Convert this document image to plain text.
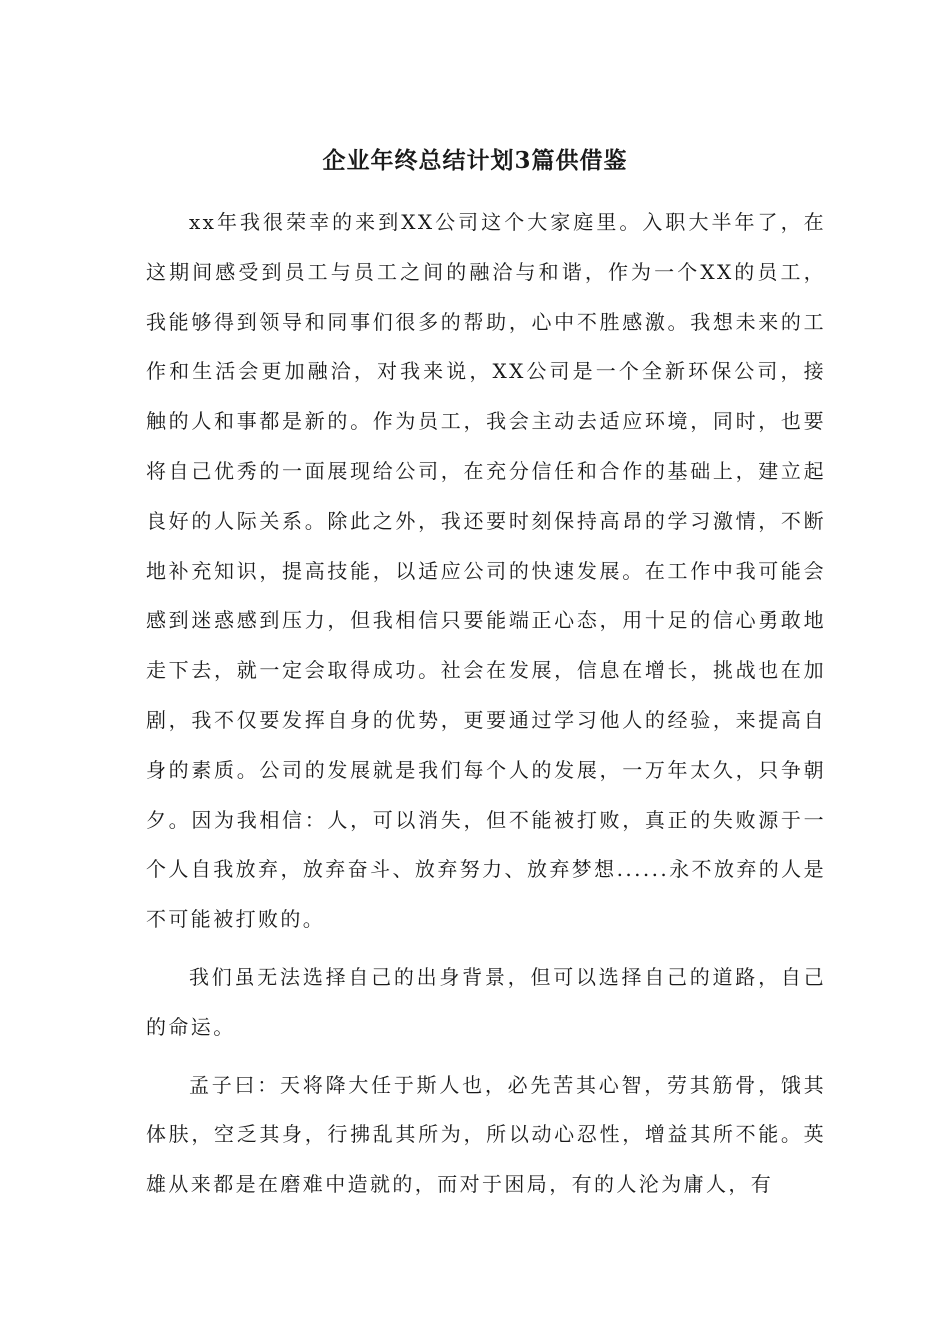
企业年终总结计划3篇供借鉴

xx年我很荣幸的来到XX公司这个大家庭里。入职大半年了，在这期间感受到员工与员工之间的融洽与和谐，作为一个XX的员工，我能够得到领导和同事们很多的帮助，心中不胜感激。我想未来的工作和生活会更加融洽，对我来说，XX公司是一个全新环保公司，接触的人和事都是新的。作为员工，我会主动去适应环境，同时，也要将自己优秀的一面展现给公司，在充分信任和合作的基础上，建立起良好的人际关系。除此之外，我还要时刻保持高昂的学习激情，不断地补充知识，提高技能，以适应公司的快速发展。在工作中我可能会感到迷惑感到压力，但我相信只要能端正心态，用十足的信心勇敢地走下去，就一定会取得成功。社会在发展，信息在增长，挑战也在加剧，我不仅要发挥自身的优势，更要通过学习他人的经验，来提高自身的素质。公司的发展就是我们每个人的发展，一万年太久，只争朝夕。因为我相信：人，可以消失，但不能被打败，真正的失败源于一个人自我放弃，放弃奋斗、放弃努力、放弃梦想......永不放弃的人是不可能被打败的。

我们虽无法选择自己的出身背景，但可以选择自己的道路，自己的命运。

孟子曰：天将降大任于斯人也，必先苦其心智，劳其筋骨，饿其体肤，空乏其身，行拂乱其所为，所以动心忍性，增益其所不能。英雄从来都是在磨难中造就的，而对于困局，有的人沦为庸人，有
